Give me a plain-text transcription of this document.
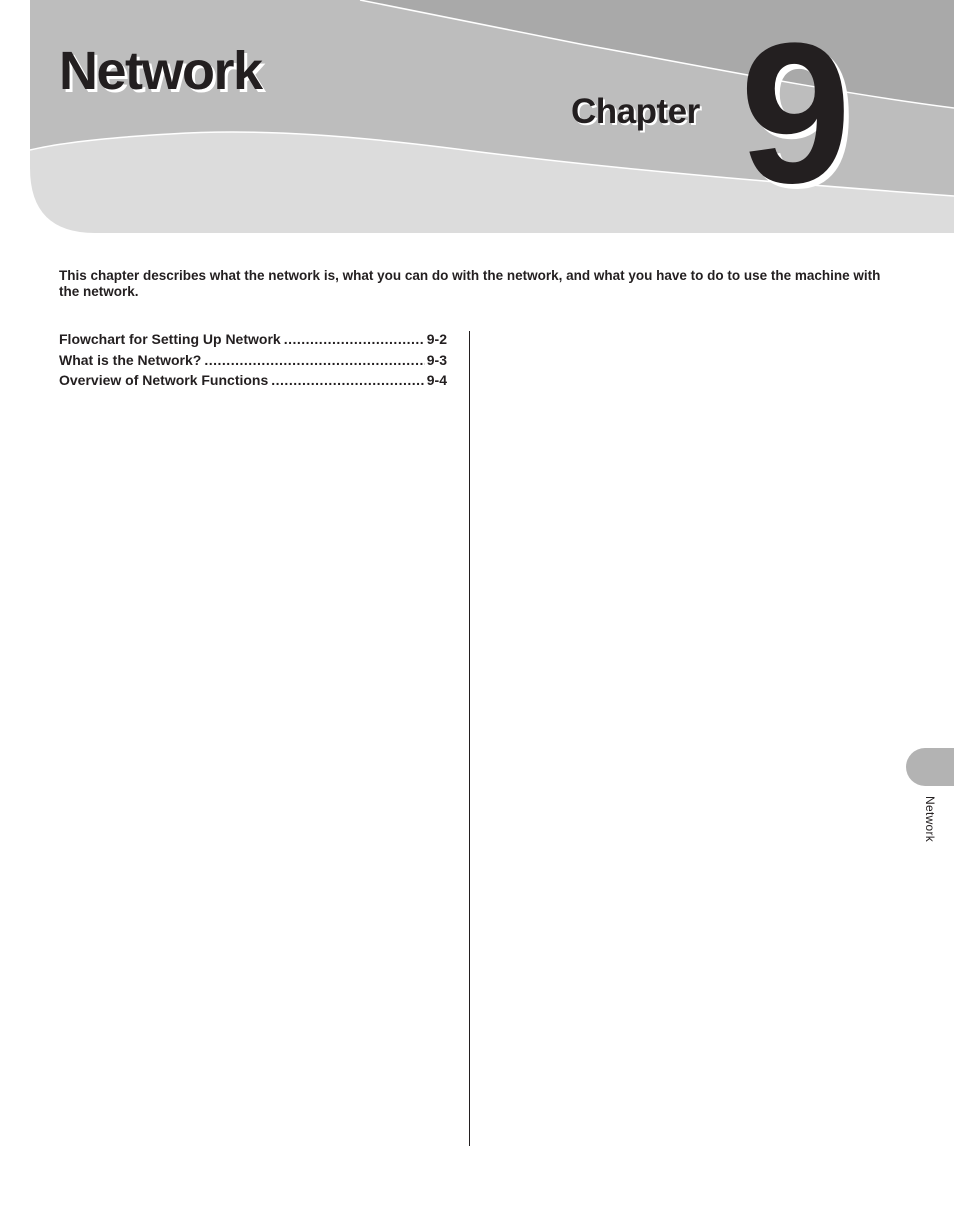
Network
Chapter 9

This chapter describes what the network is, what you can do with the network, and what you have to do to use the machine with the network.

Flowchart for Setting Up Network .....	9-2
What is the Network? .....	9-3
Overview of Network Functions .....	9-4
Network
